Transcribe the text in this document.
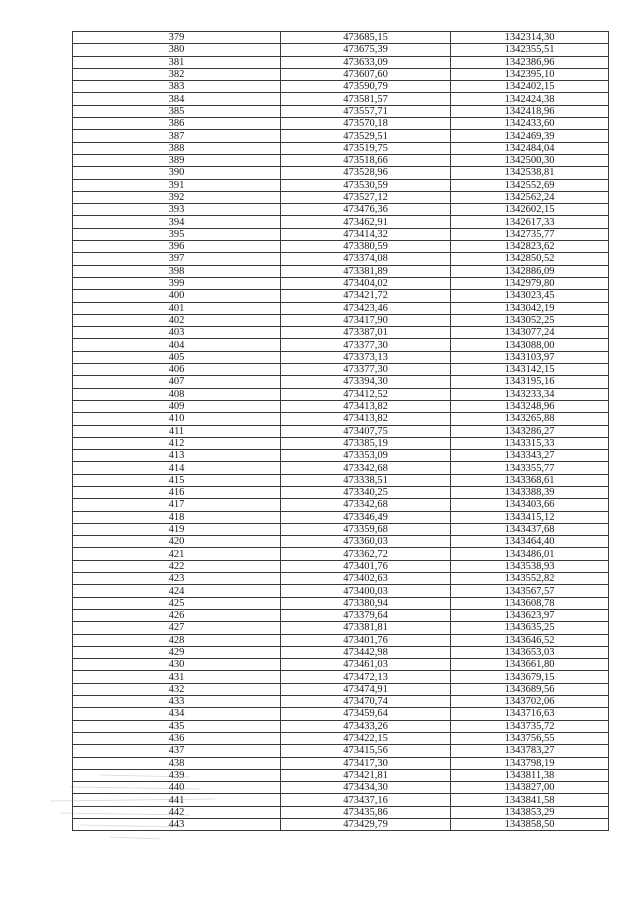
379	473685,15	1342314,30
380	473675,39	1342355,51
381	473633,09	1342386,96
382	473607,60	1342395,10
383	473590,79	1342402,15
384	473581,57	1342424,38
385	473557,71	1342418,96
386	473570,18	1342433,60
387	473529,51	1342469,39
388	473519,75	1342484,04
389	473518,66	1342500,30
390	473528,96	1342538,81
391	473530,59	1342552,69
392	473527,12	1342562,24
393	473476,36	1342602,15
394	473462,91	1342617,33
395	473414,32	1342735,77
396	473380,59	1342823,62
397	473374,08	1342850,52
398	473381,89	1342886,09
399	473404,02	1342979,80
400	473421,72	1343023,45
401	473423,46	1343042,19
402	473417,90	1343052,25
403	473387,01	1343077,24
404	473377,30	1343088,00
405	473373,13	1343103,97
406	473377,30	1343142,15
407	473394,30	1343195,16
408	473412,52	1343233,34
409	473413,82	1343248,96
410	473413,82	1343265,88
411	473407,75	1343286,27
412	473385,19	1343315,33
413	473353,09	1343343,27
414	473342,68	1343355,77
415	473338,51	1343368,61
416	473340,25	1343388,39
417	473342,68	1343403,66
418	473346,49	1343415,12
419	473359,68	1343437,68
420	473360,03	1343464,40
421	473362,72	1343486,01
422	473401,76	1343538,93
423	473402,63	1343552,82
424	473400,03	1343567,57
425	473380,94	1343608,78
426	473379,64	1343623,97
427	473381,81	1343635,25
428	473401,76	1343646,52
429	473442,98	1343653,03
430	473461,03	1343661,80
431	473472,13	1343679,15
432	473474,91	1343689,56
433	473470,74	1343702,06
434	473459,64	1343716,63
435	473433,26	1343735,72
436	473422,15	1343756,55
437	473415,56	1343783,27
438	473417,30	1343798,19
439	473421,81	1343811,38
440	473434,30	1343827,00
441	473437,16	1343841,58
442	473435,86	1343853,29
443	473429,79	1343858,50
